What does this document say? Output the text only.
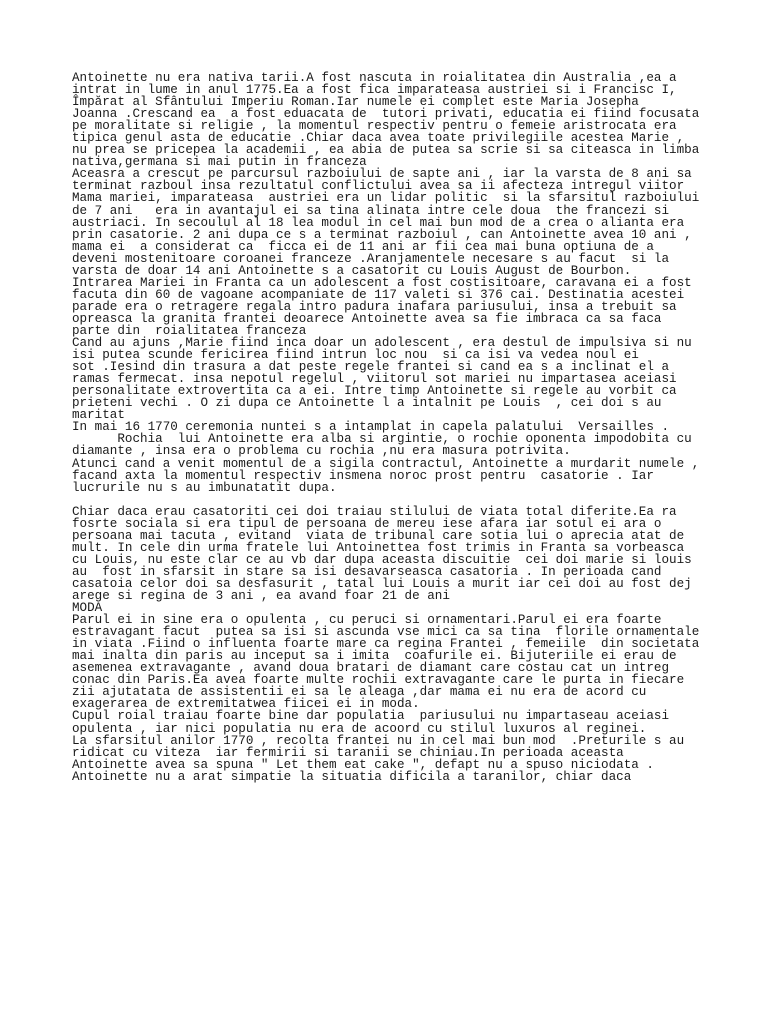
Antoinette nu era nativa tarii.A fost nascuta in roialitatea din Australia ,ea a
intrat in lume in anul 1775.Ea a fost fica imparateasa austriei si i Francisc I,
Împărat al Sfântului Imperiu Roman.Iar numele ei complet este Maria Josepha
Joanna .Crescand ea  a fost eduacata de  tutori privati, educatia ei fiind focusata
pe moralitate si religie , la momentul respectiv pentru o femeie aristrocata era
tipica genul asta de educatie .Chiar daca avea toate privilegiile acestea Marie ,
nu prea se pricepea la academii , ea abia de putea sa scrie si sa citeasca in limba
nativa,germana si mai putin in franceza
Aceasra a crescut pe parcursul razboiului de sapte ani , iar la varsta de 8 ani sa
terminat razboul insa rezultatul conflictului avea sa ii afecteza intregul viitor
Mama mariei, imparateasa  austriei era un lidar politic  si la sfarsitul razboiului
de 7 ani   era in avantajul ei sa tina alinata intre cele doua  the francezi si
austriaci. In secoulul al 18 lea modul in cel mai bun mod de a crea o alianta era
prin casatorie. 2 ani dupa ce s a terminat razboiul , can Antoinette avea 10 ani ,
mama ei  a considerat ca  ficca ei de 11 ani ar fii cea mai buna optiuna de a
deveni mostenitoare coroanei franceze .Aranjamentele necesare s au facut  si la
varsta de doar 14 ani Antoinette s a casatorit cu Louis August de Bourbon.
Intrarea Mariei in Franta ca un adolescent a fost costisitoare, caravana ei a fost
facuta din 60 de vagoane acompaniate de 117 valeti si 376 cai. Destinatia acestei
parade era o retragere regala intro padura inafara pariusului, insa a trebuit sa
opreasca la granita frantei deoarece Antoinette avea sa fie imbraca ca sa faca
parte din  roialitatea franceza
Cand au ajuns ,Marie fiind inca doar un adolescent , era destul de impulsiva si nu
isi putea scunde fericirea fiind intrun loc nou  si ca isi va vedea noul ei
sot .Iesind din trasura a dat peste regele frantei si cand ea s a inclinat el a
ramas fermecat. insa nepotul regelul , viitorul sot mariei nu impartasea aceiasi
personalitate extrovertita ca a ei. Intre timp Antoinette si regele au vorbit ca
prieteni vechi . O zi dupa ce Antoinette l a intalnit pe Louis  , cei doi s au
maritat
In mai 16 1770 ceremonia nuntei s a intamplat in capela palatului  Versailles .
Rochia  lui Antoinette era alba si argintie, o rochie oponenta impodobita cu
diamante , insa era o problema cu rochia ,nu era masura potrivita.
Atunci cand a venit momentul de a sigila contractul, Antoinette a murdarit numele ,
facand axta la momentul respectiv insmena noroc prost pentru  casatorie . Iar
lucrurile nu s au imbunatatit dupa.
Chiar daca erau casatoriti cei doi traiau stilului de viata total diferite.Ea ra
fosrte sociala si era tipul de persoana de mereu iese afara iar sotul ei ara o
persoana mai tacuta , evitand  viata de tribunal care sotia lui o aprecia atat de
mult. In cele din urma fratele lui Antoinettea fost trimis in Franta sa vorbeasca
cu Louis, nu este clar ce au vb dar dupa aceasta discuitie  cei doi marie si louis
au  fost in sfarsit in stare sa isi desavarseasca casatoria . In perioada cand
casatoia celor doi sa desfasurit , tatal lui Louis a murit iar cei doi au fost dej
arege si regina de 3 ani , ea avand foar 21 de ani
MODA
Parul ei in sine era o opulenta , cu peruci si ornamentari.Parul ei era foarte
estravagant facut  putea sa isi si ascunda vse mici ca sa tina  florile ornamentale
in viata .Fiind o influenta foarte mare ca regina Frantei , femeiile  din societata
mai inalta din paris au inceput sa i imita  coafurile ei. Bijuteriile ei erau de
asemenea extravagante , avand doua bratari de diamant care costau cat un intreg
conac din Paris.Ea avea foarte multe rochii extravagante care le purta in fiecare
zii ajutatata de assistentii ei sa le aleaga ,dar mama ei nu era de acord cu
exagerarea de extremitatwea fiicei ei in moda.
Cupul roial traiau foarte bine dar populatia  pariusului nu impartaseau aceiasi
opulenta , iar nici populatia nu era de acoord cu stilul luxuros al reginei.
La sfarsitul anilor 1770 , recolta frantei nu in cel mai bun mod  .Preturile s au
ridicat cu viteza  iar fermirii si taranii se chiniau.In perioada aceasta
Antoinette avea sa spuna " Let them eat cake ", defapt nu a spuso niciodata .
Antoinette nu a arat simpatie la situatia dificila a taranilor, chiar daca
